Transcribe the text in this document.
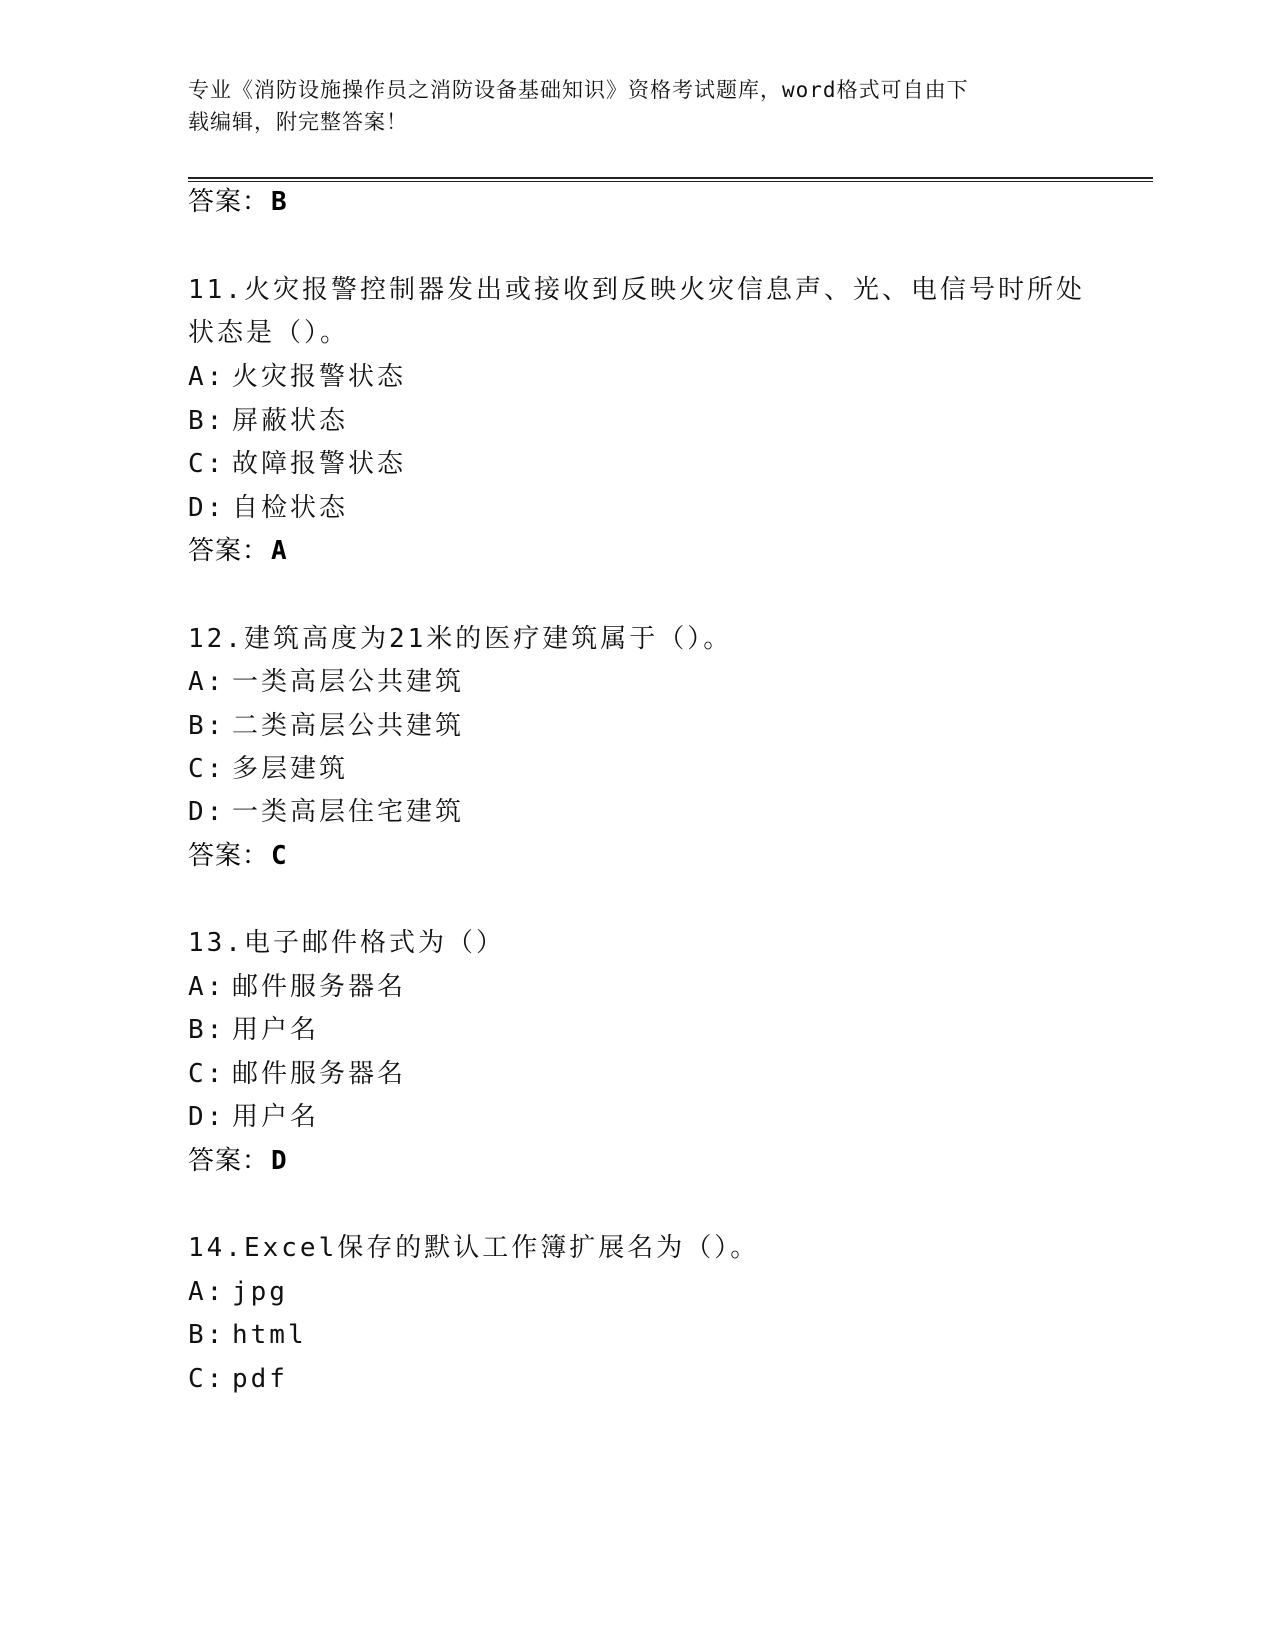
专业《消防设施操作员之消防设备基础知识》资格考试题库，word格式可自由下
载编辑，附完整答案！
答案：B
11.火灾报警控制器发出或接收到反映火灾信息声、光、电信号时所处
状态是（）。
A: 火灾报警状态
B: 屏蔽状态
C: 故障报警状态
D: 自检状态
答案：A
12.建筑高度为21米的医疗建筑属于（）。
A: 一类高层公共建筑
B: 二类高层公共建筑
C: 多层建筑
D: 一类高层住宅建筑
答案：C
13.电子邮件格式为（）
A: 邮件服务器名
B: 用户名
C: 邮件服务器名
D: 用户名
答案：D
14.Excel保存的默认工作簿扩展名为（）。
A: jpg
B: html
C: pdf
